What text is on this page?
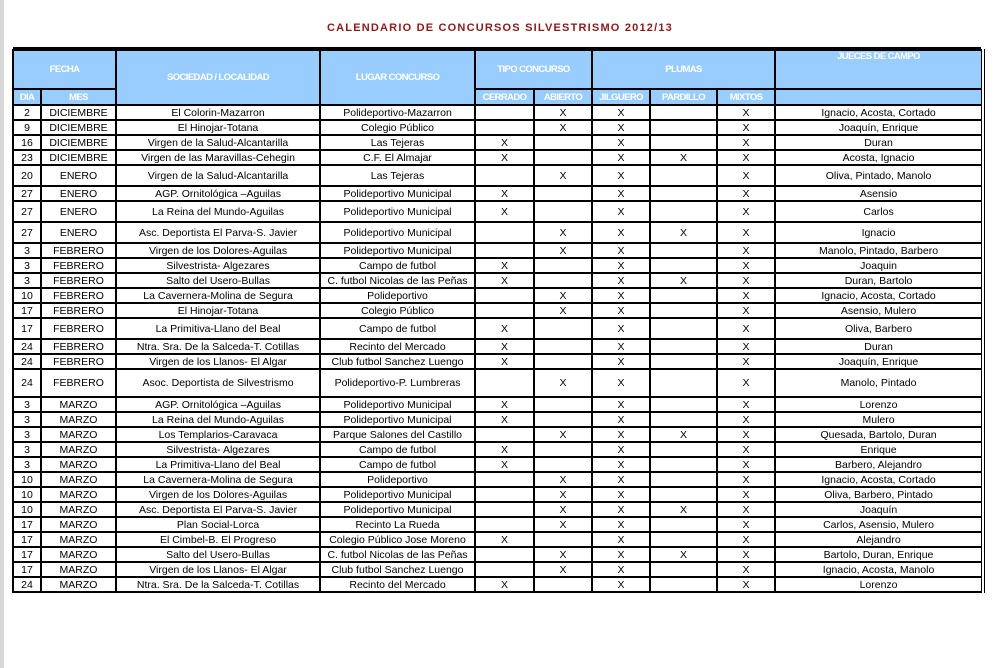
CALENDARIO DE CONCURSOS SILVESTRISMO 2012/13
FECHA		SOCIEDAD / LOCALIDAD	LUGAR CONCURSO	TIPO CONCURSO		PLUMAS			JUECES DE CAMPO
DIA	MES			CERRADO	ABIERTO	JILGUERO	PARDILLO	MIXTOS	
2	DICIEMBRE	El Colorin-Mazarron	Polideportivo-Mazarron		X	X		X	Ignacio, Acosta, Cortado
9	DICIEMBRE	El Hinojar-Totana	Colegio Público		X	X		X	Joaquín, Enrique
16	DICIEMBRE	Virgen de la Salud-Alcantarilla	Las Tejeras	X		X		X	Duran
23	DICIEMBRE	Virgen de las Maravillas-Cehegin	C.F. El Almajar	X		X	X	X	Acosta, Ignacio
20	ENERO	Virgen de la Salud-Alcantarilla	Las Tejeras		X	X		X	Oliva, Pintado, Manolo
27	ENERO	AGP. Ornitológica –Aguilas	Polideportivo Municipal	X		X		X	Asensio
27	ENERO	La Reina del Mundo-Aguilas	Polideportivo Municipal	X		X		X	Carlos
27	ENERO	Asc. Deportista El Parva-S. Javier	Polideportivo Municipal		X	X	X	X	Ignacio
3	FEBRERO	Virgen de los Dolores-Aguilas	Polideportivo Municipal		X	X		X	Manolo, Pintado, Barbero
3	FEBRERO	Silvestrista- Algezares	Campo de futbol	X		X		X	Joaquin
3	FEBRERO	Salto del Usero-Bullas	C. futbol Nicolas de las Peñas	X		X	X	X	Duran, Bartolo
10	FEBRERO	La Cavernera-Molina de Segura	Polideportivo		X	X		X	Ignacio, Acosta, Cortado
17	FEBRERO	El Hinojar-Totana	Colegio Público		X	X		X	Asensio, Mulero
17	FEBRERO	La Primitiva-Llano del Beal	Campo de futbol	X		X		X	Oliva, Barbero
24	FEBRERO	Ntra. Sra. De la Salceda-T. Cotillas	Recinto del Mercado	X		X		X	Duran
24	FEBRERO	Virgen de los Llanos- El Algar	Club futbol Sanchez Luengo	X		X		X	Joaquín, Enrique
24	FEBRERO	Asoc. Deportista de Silvestrismo	Polideportivo-P. Lumbreras		X	X		X	Manolo, Pintado
3	MARZO	AGP. Ornitológica –Aguilas	Polideportivo Municipal	X		X		X	Lorenzo
3	MARZO	La Reina del Mundo-Aguilas	Polideportivo Municipal	X		X		X	Mulero
3	MARZO	Los Templarios-Caravaca	Parque Salones del Castillo		X	X	X	X	Quesada, Bartolo, Duran
3	MARZO	Silvestrista- Algezares	Campo de futbol	X		X		X	Enrique
3	MARZO	La Primitiva-Llano del Beal	Campo de futbol	X		X		X	Barbero, Alejandro
10	MARZO	La Cavernera-Molina de Segura	Polideportivo		X	X		X	Ignacio, Acosta, Cortado
10	MARZO	Virgen de los Dolores-Aguilas	Polideportivo Municipal		X	X		X	Oliva, Barbero, Pintado
10	MARZO	Asc. Deportista El Parva-S. Javier	Polideportivo Municipal		X	X	X	X	Joaquín
17	MARZO	Plan Social-Lorca	Recinto La Rueda		X	X		X	Carlos, Asensio, Mulero
17	MARZO	El Cimbel-B. El Progreso	Colegio Público Jose Moreno	X		X		X	Alejandro
17	MARZO	Salto del Usero-Bullas	C. futbol Nicolas de las Peñas		X	X	X	X	Bartolo, Duran, Enrique
17	MARZO	Virgen de los Llanos- El Algar	Club futbol Sanchez Luengo		X	X		X	Ignacio, Acosta, Manolo
24	MARZO	Ntra. Sra. De la Salceda-T. Cotillas	Recinto del Mercado	X		X		X	Lorenzo
